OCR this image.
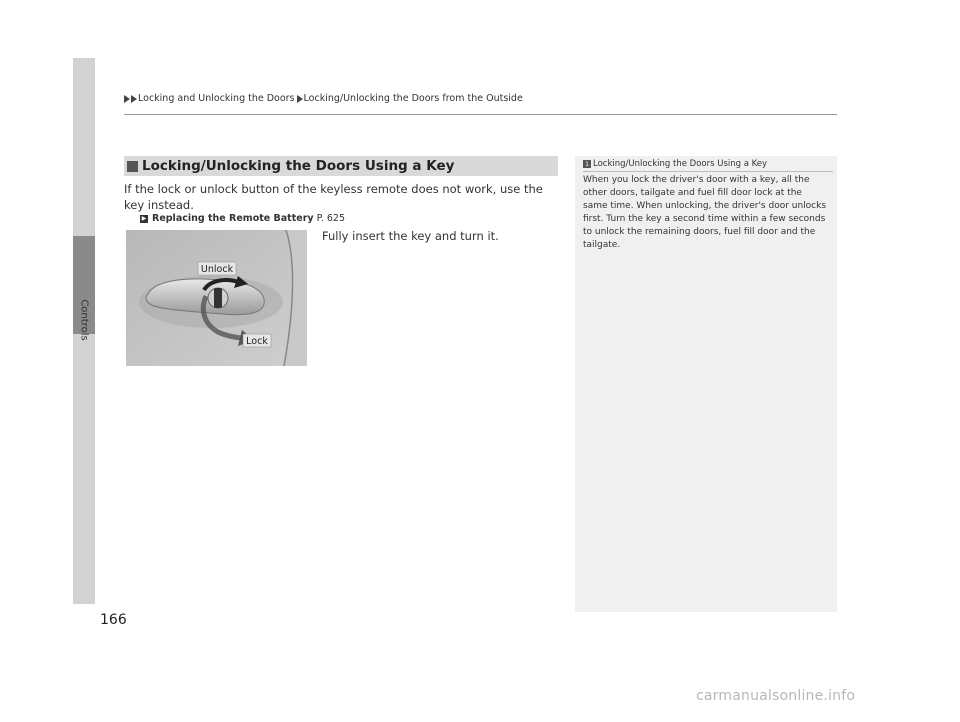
Controls
Locking and Unlocking the Doors Locking/Unlocking the Doors from the Outside
Locking/Unlocking the Doors Using a Key
If the lock or unlock button of the keyless remote does not work, use the key instead.
▶ Replacing the Remote Battery P. 625
Unlock
Lock
Fully insert the key and turn it.
1 Locking/Unlocking the Doors Using a Key
When you lock the driver's door with a key, all the other doors, tailgate and fuel fill door lock at the same time. When unlocking, the driver's door unlocks first. Turn the key a second time within a few seconds to unlock the remaining doors, fuel fill door and the tailgate.
166
carmanualsonline.info
